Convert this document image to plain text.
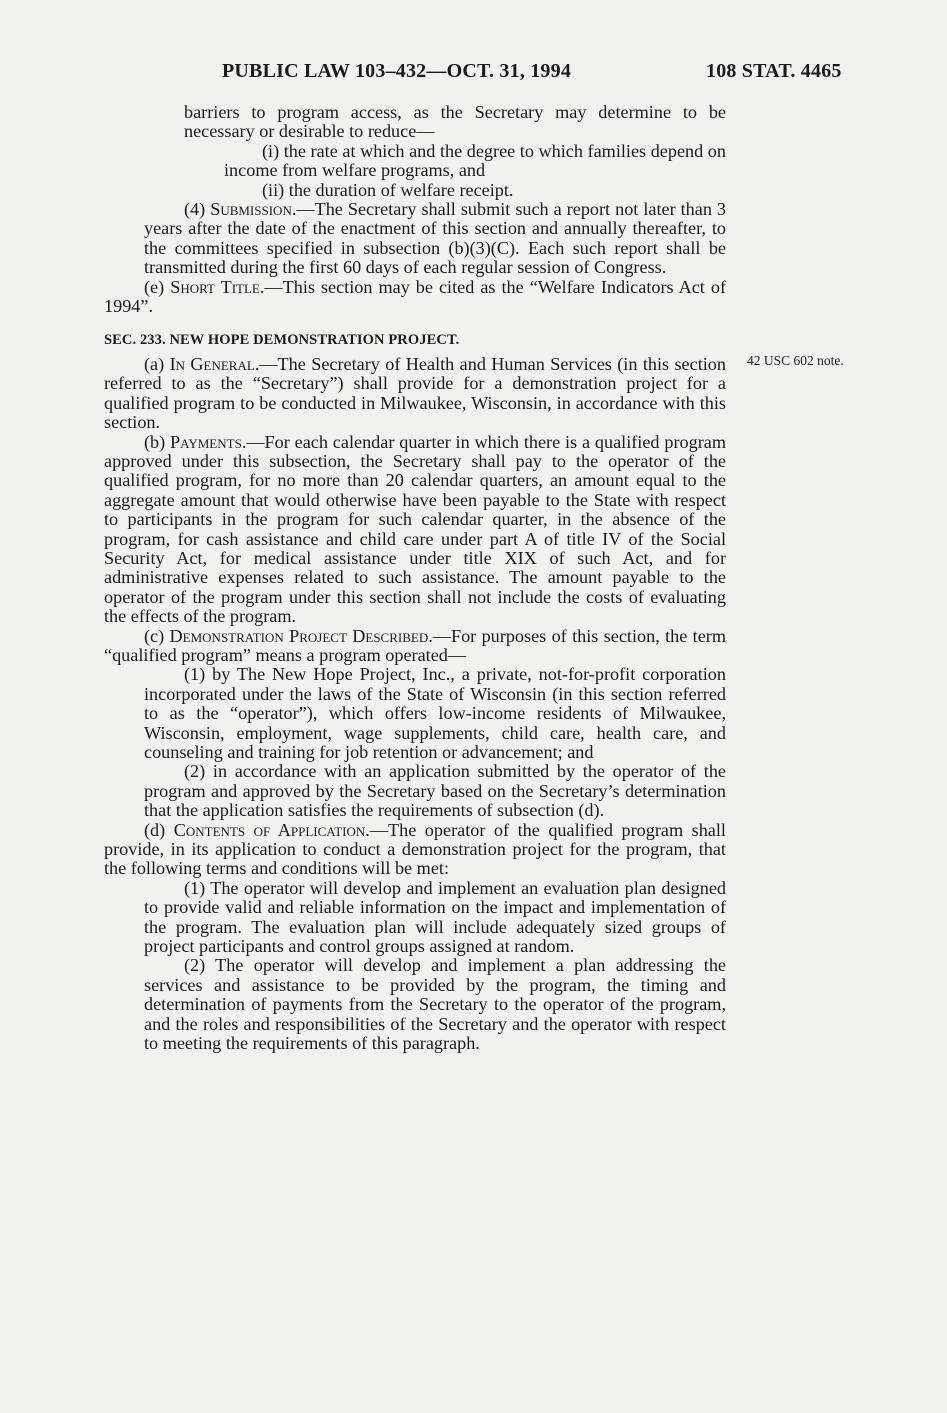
PUBLIC LAW 103–432—OCT. 31, 1994	108 STAT. 4465

barriers to program access, as the Secretary may determine to be necessary or desirable to reduce—

(i) the rate at which and the degree to which families depend on income from welfare programs, and

(ii) the duration of welfare receipt.

(4) Submission.—The Secretary shall submit such a report not later than 3 years after the date of the enactment of this section and annually thereafter, to the committees specified in subsection (b)(3)(C). Each such report shall be transmitted during the first 60 days of each regular session of Congress.

(e) Short Title.—This section may be cited as the “Welfare Indicators Act of 1994”.

SEC. 233. NEW HOPE DEMONSTRATION PROJECT.

(a) In General.—The Secretary of Health and Human Services (in this section referred to as the “Secretary”) shall provide for a demonstration project for a qualified program to be conducted in Milwaukee, Wisconsin, in accordance with this section.

(b) Payments.—For each calendar quarter in which there is a qualified program approved under this subsection, the Secretary shall pay to the operator of the qualified program, for no more than 20 calendar quarters, an amount equal to the aggregate amount that would otherwise have been payable to the State with respect to participants in the program for such calendar quarter, in the absence of the program, for cash assistance and child care under part A of title IV of the Social Security Act, for medical assistance under title XIX of such Act, and for administrative expenses related to such assistance. The amount payable to the operator of the program under this section shall not include the costs of evaluating the effects of the program.

(c) Demonstration Project Described.—For purposes of this section, the term “qualified program” means a program operated—

(1) by The New Hope Project, Inc., a private, not-for-profit corporation incorporated under the laws of the State of Wisconsin (in this section referred to as the “operator”), which offers low-income residents of Milwaukee, Wisconsin, employment, wage supplements, child care, health care, and counseling and training for job retention or advancement; and

(2) in accordance with an application submitted by the operator of the program and approved by the Secretary based on the Secretary’s determination that the application satisfies the requirements of subsection (d).

(d) Contents of Application.—The operator of the qualified program shall provide, in its application to conduct a demonstration project for the program, that the following terms and conditions will be met:

(1) The operator will develop and implement an evaluation plan designed to provide valid and reliable information on the impact and implementation of the program. The evaluation plan will include adequately sized groups of project participants and control groups assigned at random.

(2) The operator will develop and implement a plan addressing the services and assistance to be provided by the program, the timing and determination of payments from the Secretary to the operator of the program, and the roles and responsibilities of the Secretary and the operator with respect to meeting the requirements of this paragraph.

42 USC 602 note.
